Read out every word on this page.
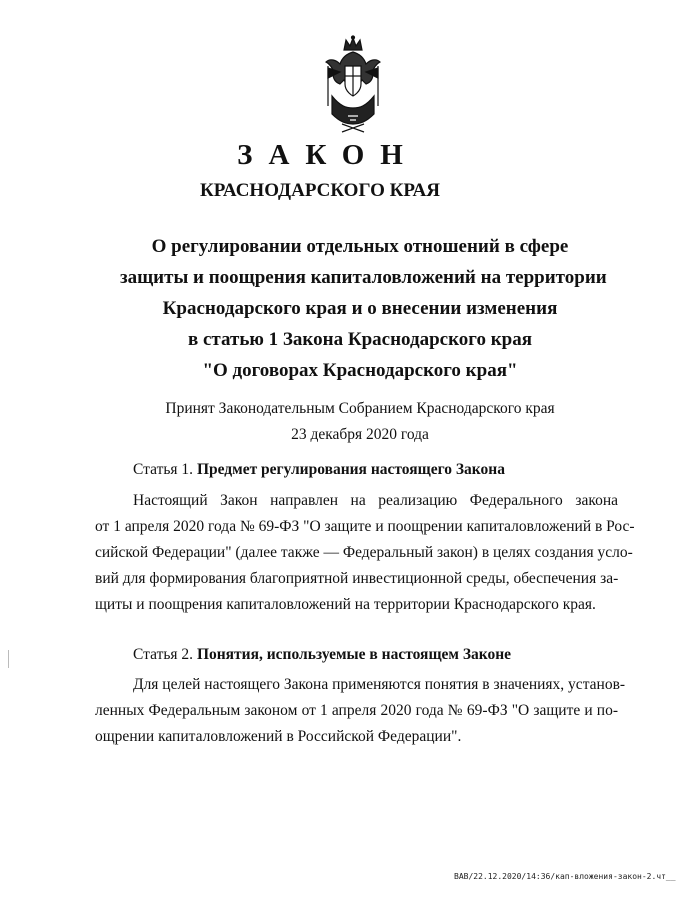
ЗАКОН
КРАСНОДАРСКОГО КРАЯ
О регулировании отдельных отношений в сфере
защиты и поощрения капиталовложений на территории
Краснодарского края и о внесении изменения
в статью 1 Закона Краснодарского края
"О договорах Краснодарского края"
Принят Законодательным Собранием Краснодарского края
23 декабря 2020 года
Статья 1. Предмет регулирования настоящего Закона
Настоящий Закон направлен на реализацию Федерального закона
от 1 апреля 2020 года № 69-ФЗ "О защите и поощрении капиталовложений в Рос-
сийской Федерации" (далее также — Федеральный закон) в целях создания усло-
вий для формирования благоприятной инвестиционной среды, обеспечения за-
щиты и поощрения капиталовложений на территории Краснодарского края.
Статья 2. Понятия, используемые в настоящем Законе
Для целей настоящего Закона применяются понятия в значениях, установ-
ленных Федеральным законом от 1 апреля 2020 года № 69-ФЗ "О защите и по-
ощрении капиталовложений в Российской Федерации".
ВАВ/22.12.2020/14:36/кап-вложения-закон-2.чт__
